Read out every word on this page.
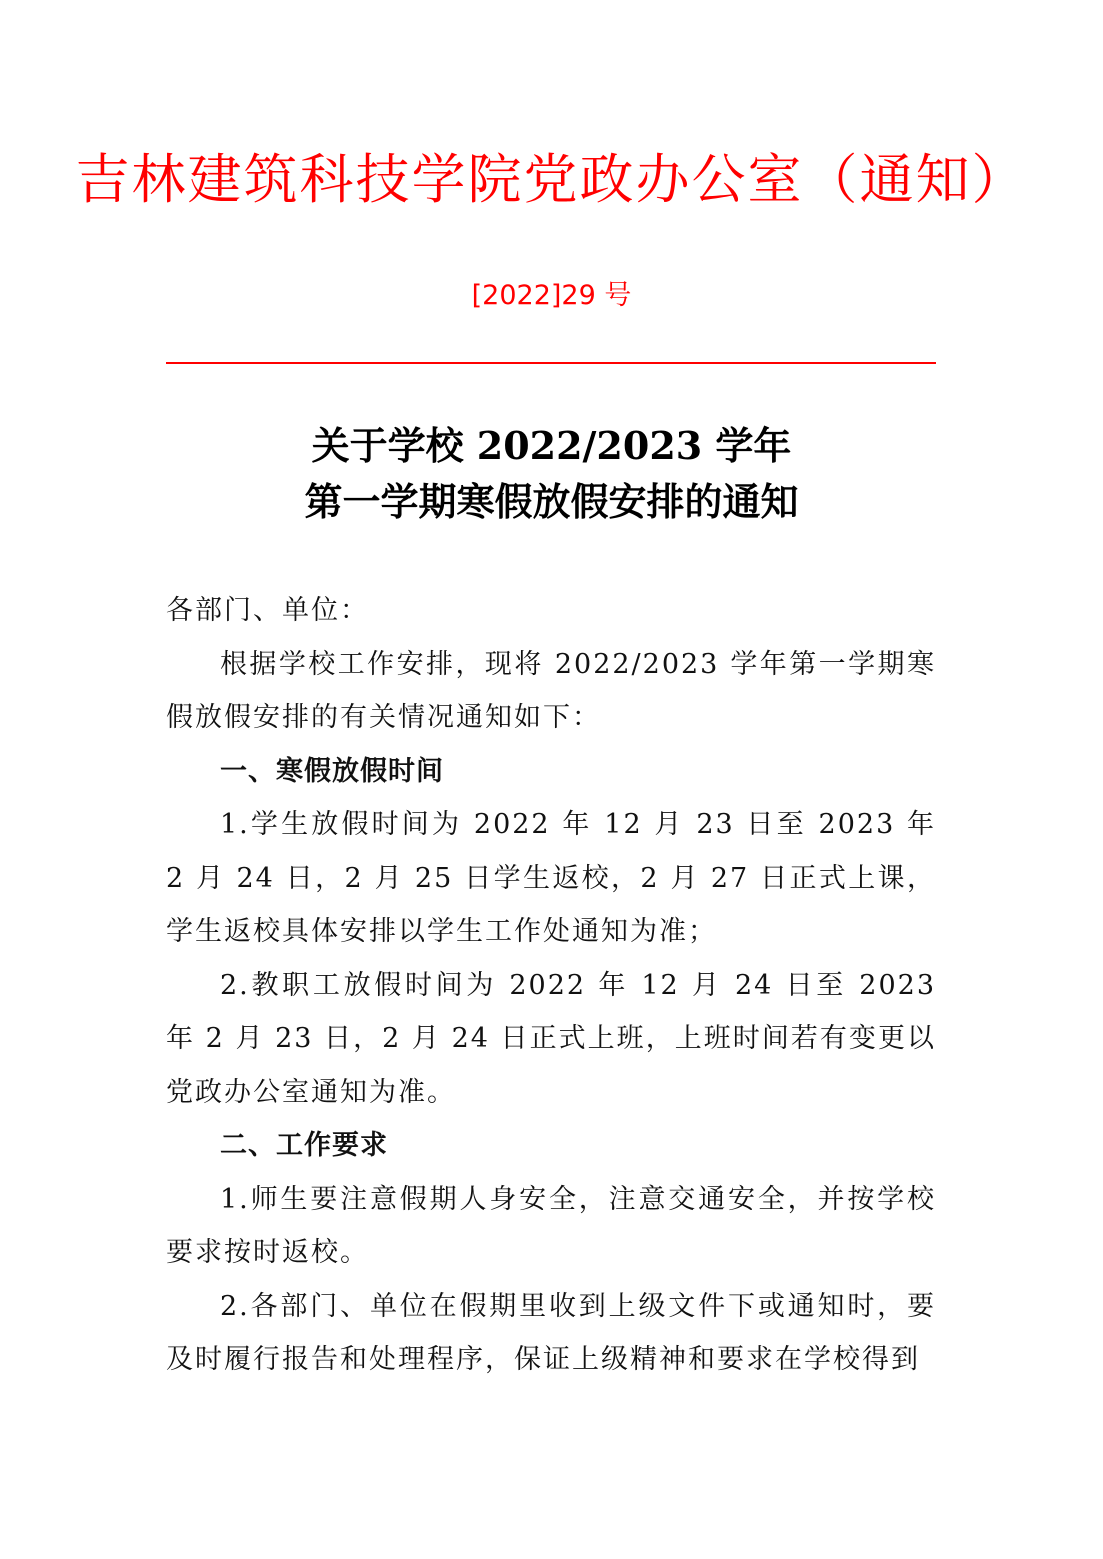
吉林建筑科技学院党政办公室（通知）
[2022]29 号
关于学校 2022/2023 学年
第一学期寒假放假安排的通知

各部门、单位：

根据学校工作安排，现将 2022/2023 学年第一学期寒假放假安排的有关情况通知如下：

一、寒假放假时间

1.学生放假时间为 2022 年 12 月 23 日至 2023 年 2 月 24 日，2 月 25 日学生返校，2 月 27 日正式上课，学生返校具体安排以学生工作处通知为准；

2.教职工放假时间为 2022 年 12 月 24 日至 2023 年 2 月 23 日，2 月 24 日正式上班，上班时间若有变更以党政办公室通知为准。

二、工作要求

1.师生要注意假期人身安全，注意交通安全，并按学校要求按时返校。

2.各部门、单位在假期里收到上级文件下或通知时，要及时履行报告和处理程序，保证上级精神和要求在学校得到
